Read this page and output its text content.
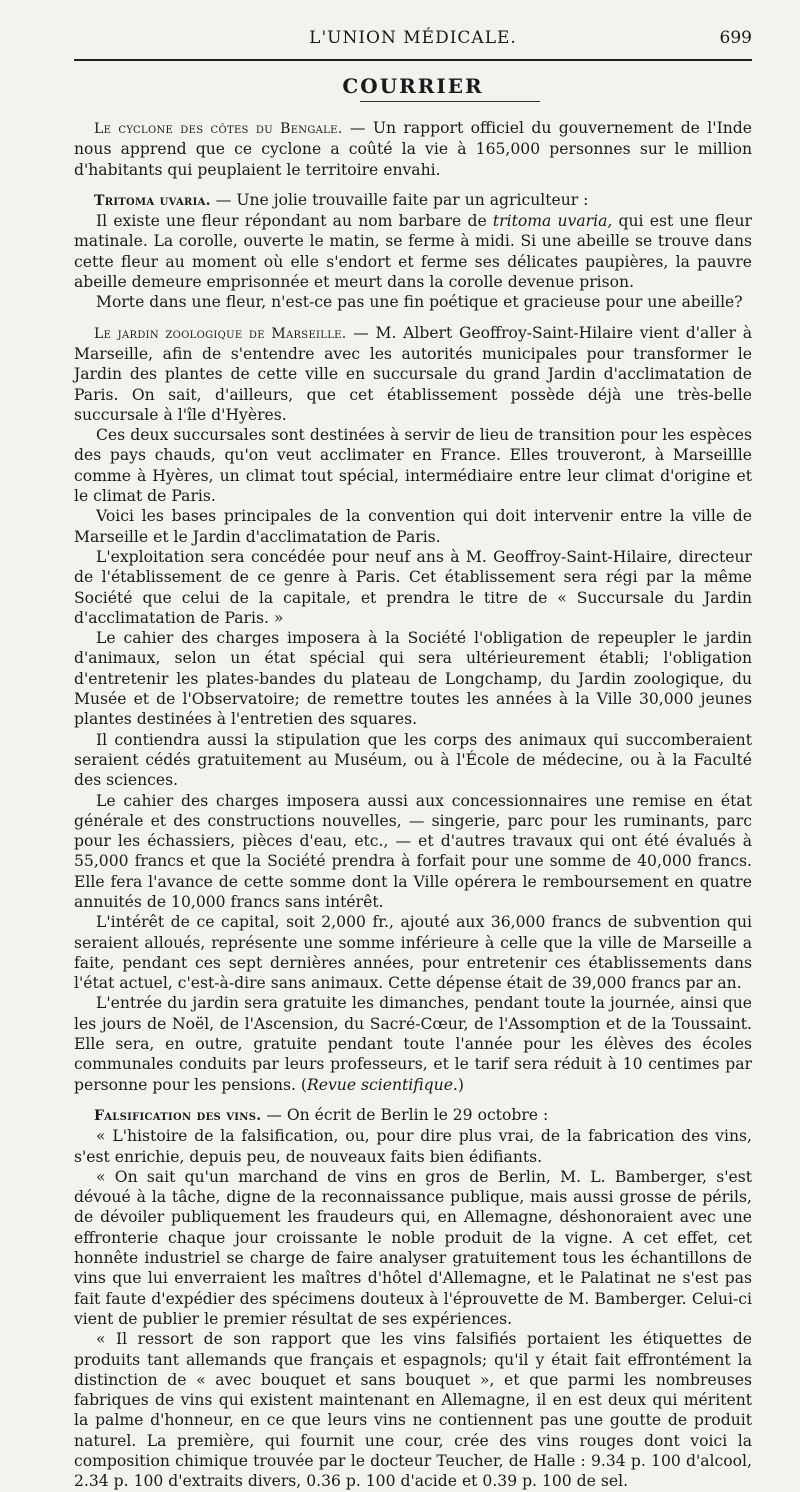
L'UNION MÉDICALE.	699
COURRIER

Le cyclone des côtes du Bengale. — Un rapport officiel du gouvernement de l'Inde nous apprend que ce cyclone a coûté la vie à 165,000 personnes sur le million d'habitants qui peuplaient le territoire envahi.

Tritoma uvaria. — Une jolie trouvaille faite par un agriculteur :

Il existe une fleur répondant au nom barbare de tritoma uvaria, qui est une fleur matinale. La corolle, ouverte le matin, se ferme à midi. Si une abeille se trouve dans cette fleur au moment où elle s'endort et ferme ses délicates paupières, la pauvre abeille demeure emprisonnée et meurt dans la corolle devenue prison.

Morte dans une fleur, n'est-ce pas une fin poétique et gracieuse pour une abeille?

Le jardin zoologique de Marseille. — M. Albert Geoffroy-Saint-Hilaire vient d'aller à Marseille, afin de s'entendre avec les autorités municipales pour transformer le Jardin des plantes de cette ville en succursale du grand Jardin d'acclimatation de Paris. On sait, d'ailleurs, que cet établissement possède déjà une très-belle succursale à l'île d'Hyères.

Ces deux succursales sont destinées à servir de lieu de transition pour les espèces des pays chauds, qu'on veut acclimater en France. Elles trouveront, à Marseillle comme à Hyères, un climat tout spécial, intermédiaire entre leur climat d'origine et le climat de Paris.

Voici les bases principales de la convention qui doit intervenir entre la ville de Marseille et le Jardin d'acclimatation de Paris.

L'exploitation sera concédée pour neuf ans à M. Geoffroy-Saint-Hilaire, directeur de l'établissement de ce genre à Paris. Cet établissement sera régi par la même Société que celui de la capitale, et prendra le titre de « Succursale du Jardin d'acclimatation de Paris. »

Le cahier des charges imposera à la Société l'obligation de repeupler le jardin d'animaux, selon un état spécial qui sera ultérieurement établi; l'obligation d'entretenir les plates-bandes du plateau de Longchamp, du Jardin zoologique, du Musée et de l'Observatoire; de remettre toutes les années à la Ville 30,000 jeunes plantes destinées à l'entretien des squares.

Il contiendra aussi la stipulation que les corps des animaux qui succomberaient seraient cédés gratuitement au Muséum, ou à l'École de médecine, ou à la Faculté des sciences.

Le cahier des charges imposera aussi aux concessionnaires une remise en état générale et des constructions nouvelles, — singerie, parc pour les ruminants, parc pour les échassiers, pièces d'eau, etc., — et d'autres travaux qui ont été évalués à 55,000 francs et que la Société prendra à forfait pour une somme de 40,000 francs. Elle fera l'avance de cette somme dont la Ville opérera le remboursement en quatre annuités de 10,000 francs sans intérêt.

L'intérêt de ce capital, soit 2,000 fr., ajouté aux 36,000 francs de subvention qui seraient alloués, représente une somme inférieure à celle que la ville de Marseille a faite, pendant ces sept dernières années, pour entretenir ces établissements dans l'état actuel, c'est-à-dire sans animaux. Cette dépense était de 39,000 francs par an.

L'entrée du jardin sera gratuite les dimanches, pendant toute la journée, ainsi que les jours de Noël, de l'Ascension, du Sacré-Cœur, de l'Assomption et de la Toussaint. Elle sera, en outre, gratuite pendant toute l'année pour les élèves des écoles communales conduits par leurs professeurs, et le tarif sera réduit à 10 centimes par personne pour les pensions. (Revue scientifique.)

Falsification des vins. — On écrit de Berlin le 29 octobre :

« L'histoire de la falsification, ou, pour dire plus vrai, de la fabrication des vins, s'est enrichie, depuis peu, de nouveaux faits bien édifiants.

« On sait qu'un marchand de vins en gros de Berlin, M. L. Bamberger, s'est dévoué à la tâche, digne de la reconnaissance publique, mais aussi grosse de périls, de dévoiler publiquement les fraudeurs qui, en Allemagne, déshonoraient avec une effronterie chaque jour croissante le noble produit de la vigne. A cet effet, cet honnête industriel se charge de faire analyser gratuitement tous les échantillons de vins que lui enverraient les maîtres d'hôtel d'Allemagne, et le Palatinat ne s'est pas fait faute d'expédier des spécimens douteux à l'éprouvette de M. Bamberger. Celui-ci vient de publier le premier résultat de ses expériences.

« Il ressort de son rapport que les vins falsifiés portaient les étiquettes de produits tant allemands que français et espagnols; qu'il y était fait effrontément la distinction de « avec bouquet et sans bouquet », et que parmi les nombreuses fabriques de vins qui existent maintenant en Allemagne, il en est deux qui méritent la palme d'honneur, en ce que leurs vins ne contiennent pas une goutte de produit naturel. La première, qui fournit une cour, crée des vins rouges dont voici la composition chimique trouvée par le docteur Teucher, de Halle : 9.34 p. 100 d'alcool, 2.34 p. 100 d'extraits divers, 0.36 p. 100 d'acide et 0.39 p. 100 de sel.
